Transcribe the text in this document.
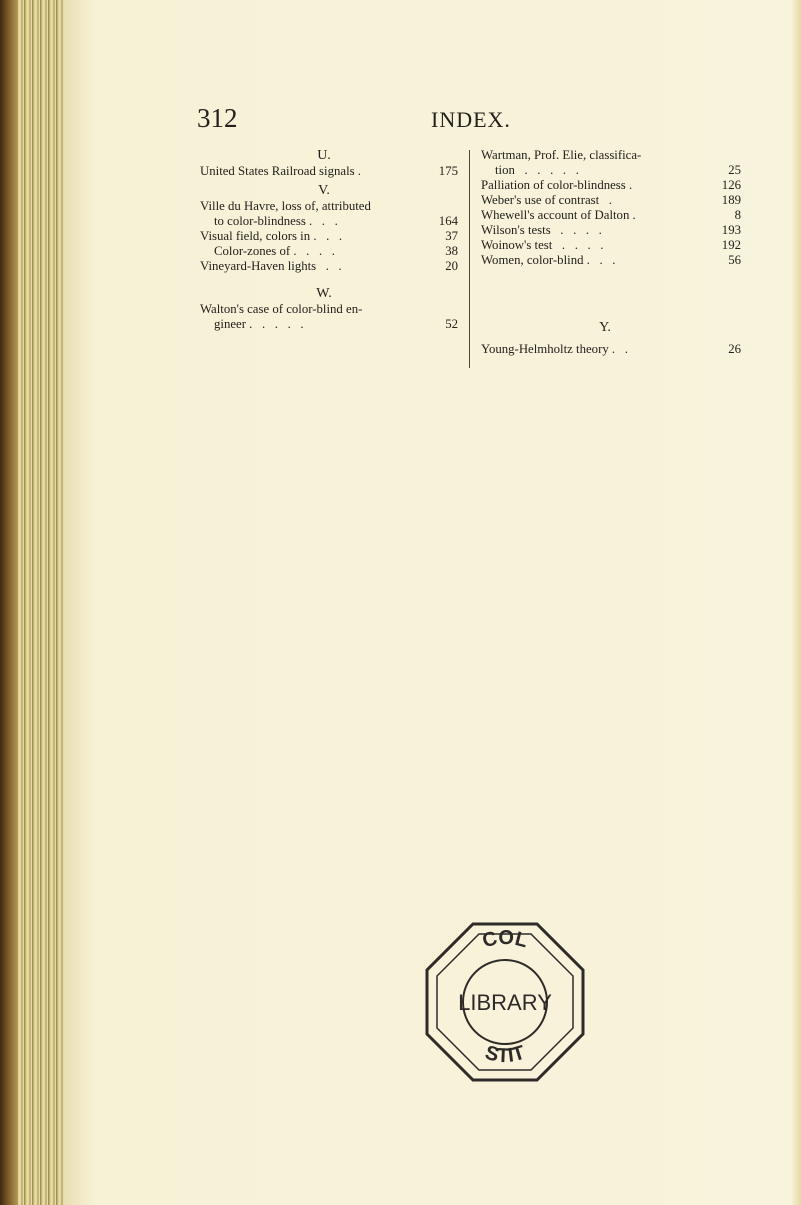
312	INDEX.
U.
United States Railroad signals .	175
V.
Ville du Havre, loss of, attributed
to color-blindness .   .   .	164
Visual field, colors in .   .   .	37
Color-zones of .   .   .   .	38
Vineyard-Haven lights   .   .	20
W.
Walton's case of color-blind en-
gineer .   .   .   .   .	52
Wartman, Prof. Elie, classifica-
tion   .   .   .   .   .	25
Palliation of color-blindness .	126
Weber's use of contrast   .	189
Whewell's account of Dalton .	8
Wilson's tests   .   .   .   .	193
Woinow's test   .   .   .   .	192
Women, color-blind .   .   .	56
Y.
Young-Helmholtz theory .   .	26
COL
STIT
LIBRARY
